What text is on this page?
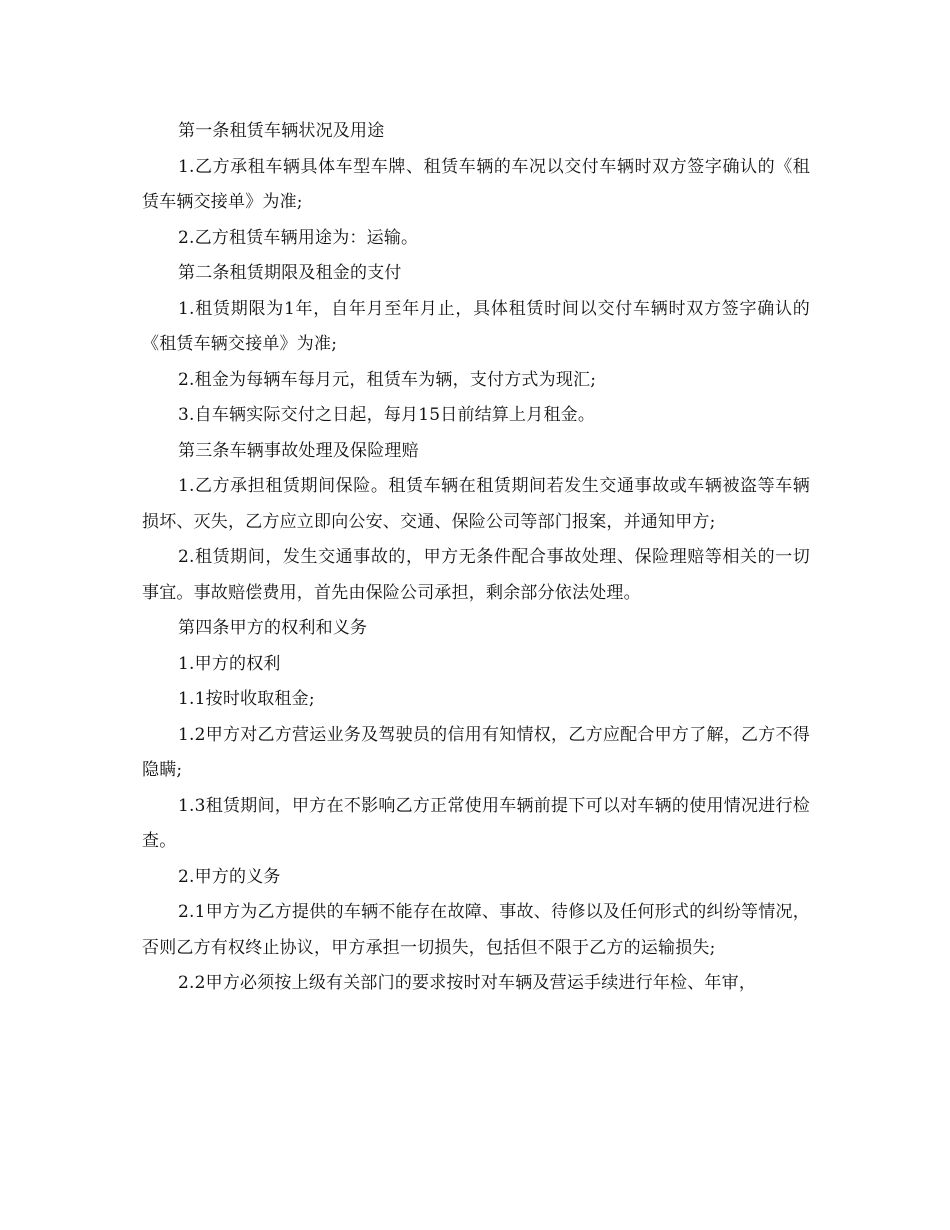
第一条租赁车辆状况及用途

1.乙方承租车辆具体车型车牌、租赁车辆的车况以交付车辆时双方签字确认的《租赁车辆交接单》为准;

2.乙方租赁车辆用途为：运输。

第二条租赁期限及租金的支付

1.租赁期限为1年，自年月至年月止，具体租赁时间以交付车辆时双方签字确认的《租赁车辆交接单》为准;

2.租金为每辆车每月元，租赁车为辆，支付方式为现汇;

3.自车辆实际交付之日起，每月15日前结算上月租金。

第三条车辆事故处理及保险理赔

1.乙方承担租赁期间保险。租赁车辆在租赁期间若发生交通事故或车辆被盗等车辆损坏、灭失，乙方应立即向公安、交通、保险公司等部门报案，并通知甲方;

2.租赁期间，发生交通事故的，甲方无条件配合事故处理、保险理赔等相关的一切事宜。事故赔偿费用，首先由保险公司承担，剩余部分依法处理。

第四条甲方的权利和义务

1.甲方的权利

1.1按时收取租金;

1.2甲方对乙方营运业务及驾驶员的信用有知情权，乙方应配合甲方了解，乙方不得隐瞒;

1.3租赁期间，甲方在不影响乙方正常使用车辆前提下可以对车辆的使用情况进行检查。

2.甲方的义务

2.1甲方为乙方提供的车辆不能存在故障、事故、待修以及任何形式的纠纷等情况，否则乙方有权终止协议，甲方承担一切损失，包括但不限于乙方的运输损失;

2.2甲方必须按上级有关部门的要求按时对车辆及营运手续进行年检、年审，
